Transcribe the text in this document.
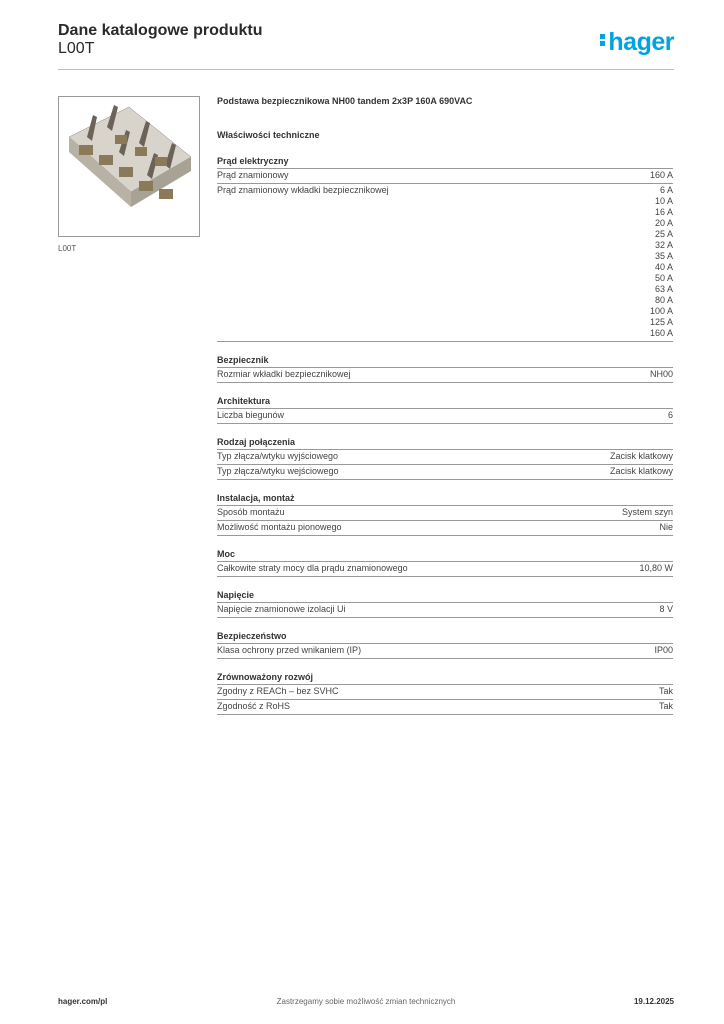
Dane katalogowe produktu
L00T	hager
L00T
Podstawa bezpiecznikowa NH00 tandem 2x3P 160A 690VAC
Właściwości techniczne
Prąd elektryczny
Prąd znamionowy	160 A
Prąd znamionowy wkładki bezpiecznikowej	6 A
10 A
16 A
20 A
25 A
32 A
35 A
40 A
50 A
63 A
80 A
100 A
125 A
160 A
Bezpiecznik
Rozmiar wkładki bezpiecznikowej	NH00
Architektura
Liczba biegunów	6
Rodzaj połączenia
Typ złącza/wtyku wyjściowego	Zacisk klatkowy
Typ złącza/wtyku wejściowego	Zacisk klatkowy
Instalacja, montaż
Sposób montażu	System szyn
Możliwość montażu pionowego	Nie
Moc
Całkowite straty mocy dla prądu znamionowego	10,80 W
Napięcie
Napięcie znamionowe izolacji Ui	8 V
Bezpieczeństwo
Klasa ochrony przed wnikaniem (IP)	IP00
Zrównoważony rozwój
Zgodny z REACh – bez SVHC	Tak
Zgodność z RoHS	Tak
hager.com/pl	Zastrzegamy sobie możliwość zmian technicznych	19.12.2025
